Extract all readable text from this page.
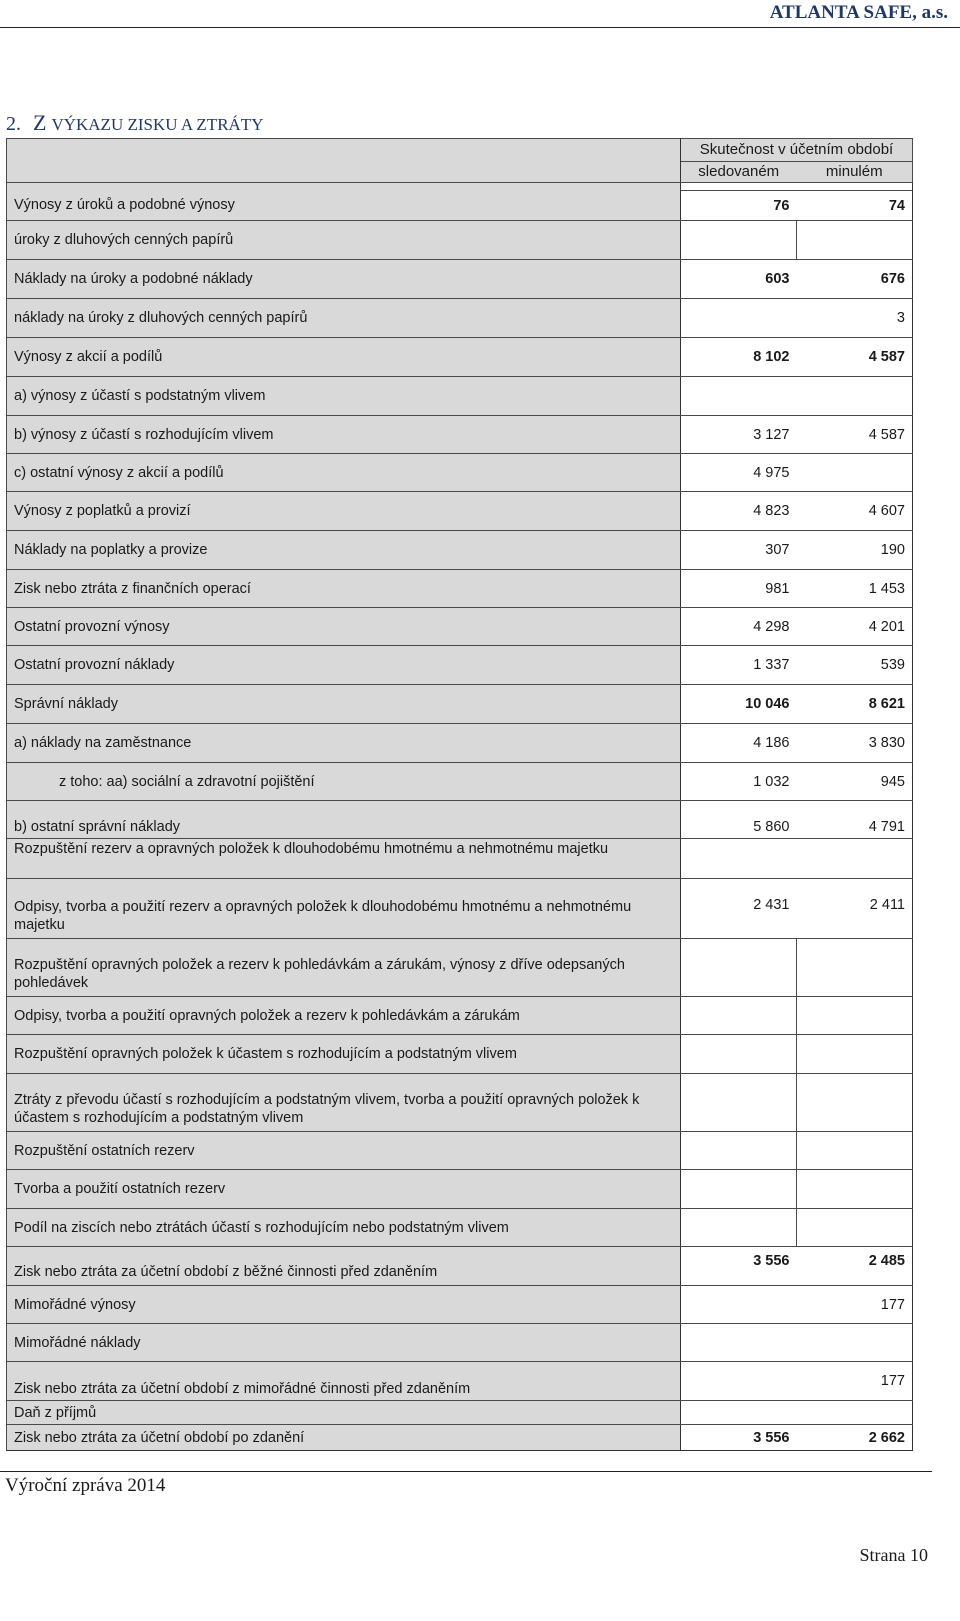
ATLANTA SAFE, a.s.
2. Z VÝKAZU ZISKU A ZTRÁTY

	Skutečnost v účetním období
sledovaném minulém	

Výnosy z úroků a podobné výnosy	76	74
úroky z dluhových cenných papírů		
Náklady na úroky a podobné náklady	603	676
náklady na úroky z dluhových cenných papírů		3
Výnosy z akcií a podílů	8 102	4 587
a) výnosy z účastí s podstatným vlivem		
b) výnosy z účastí s rozhodujícím vlivem	3 127	4 587
c) ostatní výnosy z akcií a podílů	4 975	
Výnosy z poplatků a provizí	4 823	4 607
Náklady na poplatky a provize	307	190
Zisk nebo ztráta z finančních operací	981	1 453
Ostatní provozní výnosy	4 298	4 201
Ostatní provozní náklady	1 337	539
Správní náklady	10 046	8 621
a) náklady na zaměstnance	4 186	3 830
z toho: aa) sociální a zdravotní pojištění	1 032	945
b) ostatní správní náklady	5 860	4 791
Rozpuštění rezerv a opravných položek k dlouhodobému hmotnému a nehmotnému majetku		
Odpisy, tvorba a použití rezerv a opravných položek k dlouhodobému hmotnému a nehmotnému majetku	2 431	2 411
Rozpuštění opravných položek a rezerv k pohledávkám a zárukám, výnosy z dříve odepsaných pohledávek		
Odpisy, tvorba a použití opravných položek a rezerv k pohledávkám a zárukám		
Rozpuštění opravných položek k účastem s rozhodujícím a podstatným vlivem		
Ztráty z převodu účastí s rozhodujícím a podstatným vlivem, tvorba a použití opravných položek k účastem s rozhodujícím a podstatným vlivem		
Rozpuštění ostatních rezerv		
Tvorba a použití ostatních rezerv		
Podíl na ziscích nebo ztrátách účastí s rozhodujícím nebo podstatným vlivem		
Zisk nebo ztráta za účetní období z běžné činnosti před zdaněním	3 556	2 485
Mimořádné výnosy		177
Mimořádné náklady		
Zisk nebo ztráta za účetní období z mimořádné činnosti před zdaněním		177
Daň z příjmů		
Zisk nebo ztráta za účetní období po zdanění	3 556	2 662
Výroční zpráva 2014
Strana 10
